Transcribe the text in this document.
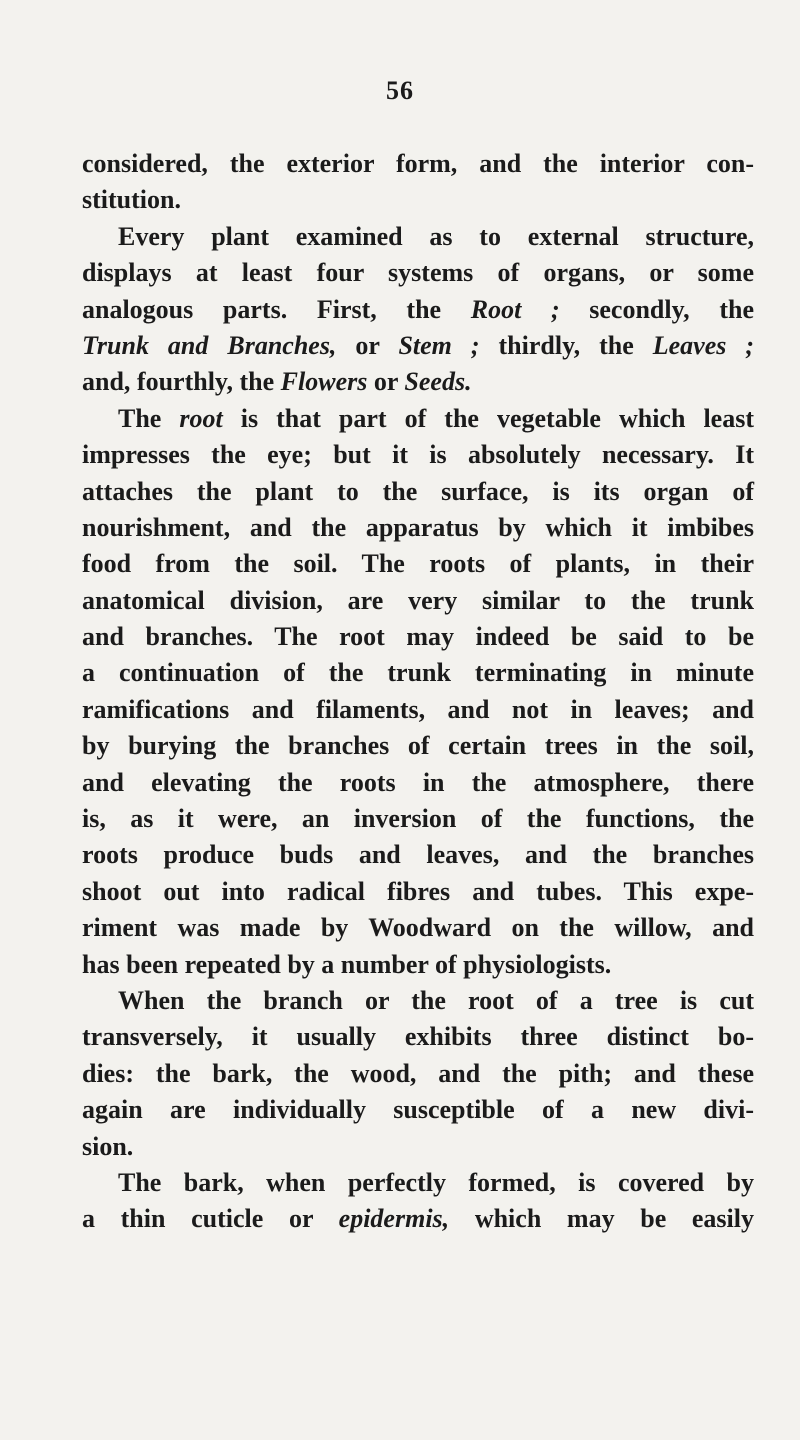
56
considered, the exterior form, and the interior con-
stitution.
Every plant examined as to external structure,
displays at least four systems of organs, or some
analogous parts. First, the Root ; secondly, the
Trunk and Branches, or Stem ; thirdly, the Leaves ;
and, fourthly, the Flowers or Seeds.
The root is that part of the vegetable which least
impresses the eye; but it is absolutely necessary. It
attaches the plant to the surface, is its organ of
nourishment, and the apparatus by which it imbibes
food from the soil. The roots of plants, in their
anatomical division, are very similar to the trunk
and branches. The root may indeed be said to be
a continuation of the trunk terminating in minute
ramifications and filaments, and not in leaves; and
by burying the branches of certain trees in the soil,
and elevating the roots in the atmosphere, there
is, as it were, an inversion of the functions, the
roots produce buds and leaves, and the branches
shoot out into radical fibres and tubes. This expe-
riment was made by Woodward on the willow, and
has been repeated by a number of physiologists.
When the branch or the root of a tree is cut
transversely, it usually exhibits three distinct bo-
dies: the bark, the wood, and the pith; and these
again are individually susceptible of a new divi-
sion.
The bark, when perfectly formed, is covered by
a thin cuticle or epidermis, which may be easily
